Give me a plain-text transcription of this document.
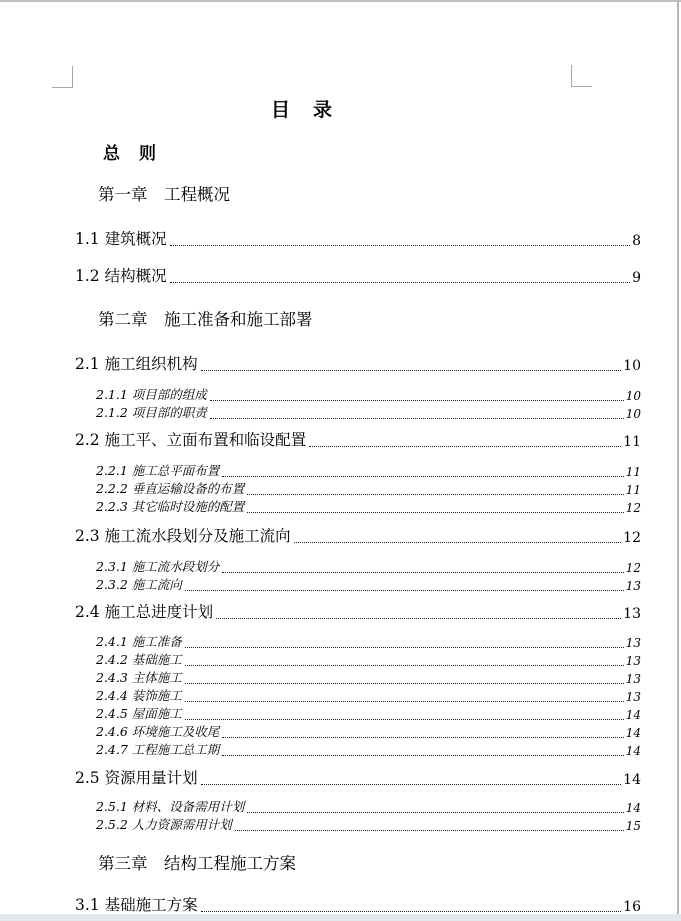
目　录
总　则
第一章　工程概况
1.1 建筑概况	8
1.2 结构概况	9
第二章　施工准备和施工部署
2.1 施工组织机构	10
2.1.1 项目部的组成	10
2.1.2 项目部的职责	10
2.2 施工平、立面布置和临设配置	11
2.2.1 施工总平面布置	11
2.2.2 垂直运输设备的布置	11
2.2.3 其它临时设施的配置	12
2.3 施工流水段划分及施工流向	12
2.3.1 施工流水段划分	12
2.3.2 施工流向	13
2.4 施工总进度计划	13
2.4.1 施工准备	13
2.4.2 基础施工	13
2.4.3 主体施工	13
2.4.4 装饰施工	13
2.4.5 屋面施工	14
2.4.6 环境施工及收尾	14
2.4.7 工程施工总工期	14
2.5 资源用量计划	14
2.5.1 材料、设备需用计划	14
2.5.2 人力资源需用计划	15
第三章　结构工程施工方案
3.1 基础施工方案	16
